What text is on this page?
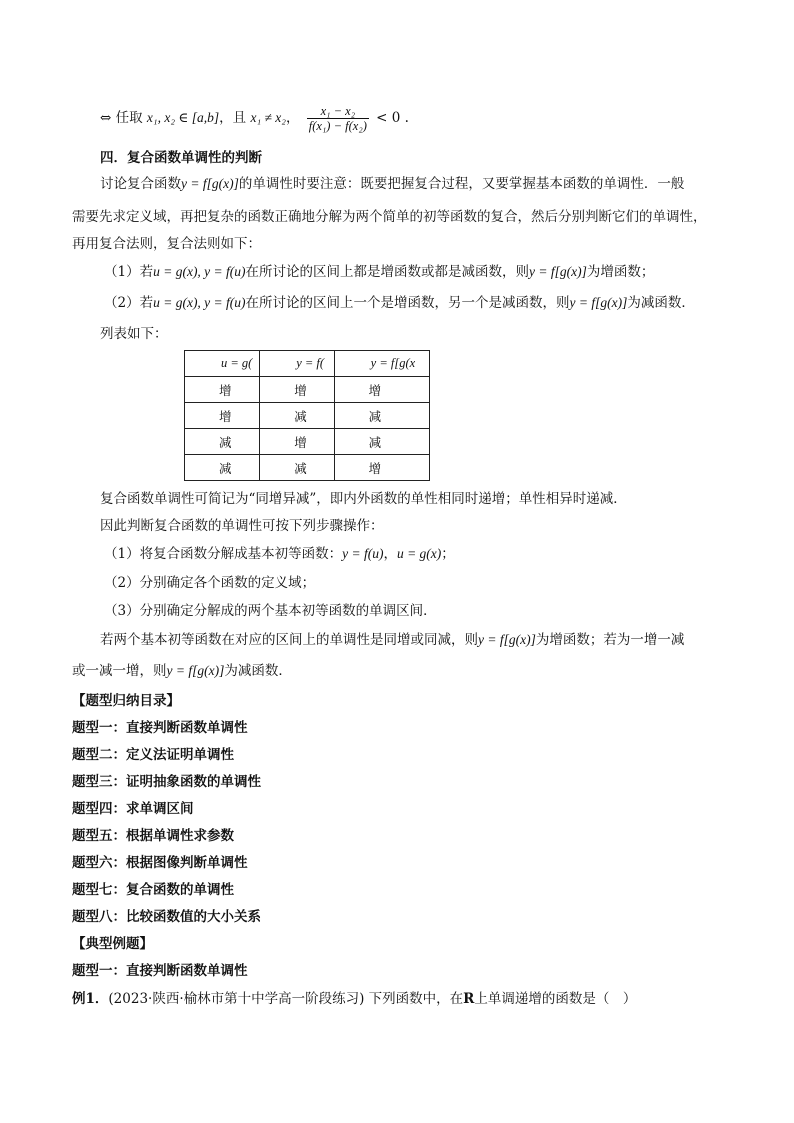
⇔ 任取 x₁, x₂ ∈ [a,b]，且 x₁ ≠ x₂， $\frac{\text{x₁ − x₂}}{\text{f(x₁) − f(x₂)}} < 0$ .
四．复合函数单调性的判断
讨论复合函数y = f[g(x)]的单调性时要注意：既要把握复合过程，又要掌握基本函数的单调性．一般
需要先求定义域，再把复杂的函数正确地分解为两个简单的初等函数的复合，然后分别判断它们的单调性，
再用复合法则，复合法则如下：
（1）若u = g(x), y = f(u)在所讨论的区间上都是增函数或都是减函数，则y = f[g(x)]为增函数；
（2）若u = g(x), y = f(u)在所讨论的区间上一个是增函数，另一个是减函数，则y = f[g(x)]为减函数．
列表如下：
u = g(	y = f(	y = f[g(x
增	增	增
增	减	减
减	增	减
减	减	增
复合函数单调性可简记为“同增异减”，即内外函数的单性相同时递增；单性相异时递减．
因此判断复合函数的单调性可按下列步骤操作：
（1）将复合函数分解成基本初等函数：y = f(u)，u = g(x)；
（2）分别确定各个函数的定义域；
（3）分别确定分解成的两个基本初等函数的单调区间．
若两个基本初等函数在对应的区间上的单调性是同增或同减，则y = f[g(x)]为增函数；若为一增一减
或一减一增，则y = f[g(x)]为减函数．
【题型归纳目录】
题型一：直接判断函数单调性
题型二：定义法证明单调性
题型三：证明抽象函数的单调性
题型四：求单调区间
题型五：根据单调性求参数
题型六：根据图像判断单调性
题型七：复合函数的单调性
题型八：比较函数值的大小关系
【典型例题】
题型一：直接判断函数单调性
例1．(2023·陕西·榆林市第十中学高一阶段练习) 下列函数中，在R上单调递增的函数是（　）
